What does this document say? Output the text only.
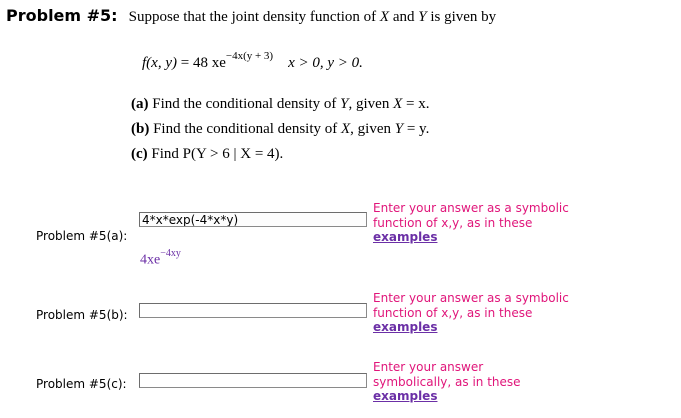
Problem #5: Suppose that the joint density function of X and Y is given by
f(x, y) = 48 $xe^{-4x(y + 3)}$ x > 0, y > 0.
(a) Find the conditional density of Y, given X = x.
(b) Find the conditional density of X, given Y = y.
(c) Find P(Y > 6 | X = 4).
Problem #5(a):
4*x*exp(-4*x*y)
$4xe^{-4xy}$
Enter your answer as a symbolic function of x,y, as in these examples
Problem #5(b):
Enter your answer as a symbolic function of x,y, as in these examples
Problem #5(c):
Enter your answer symbolically, as in these examples
